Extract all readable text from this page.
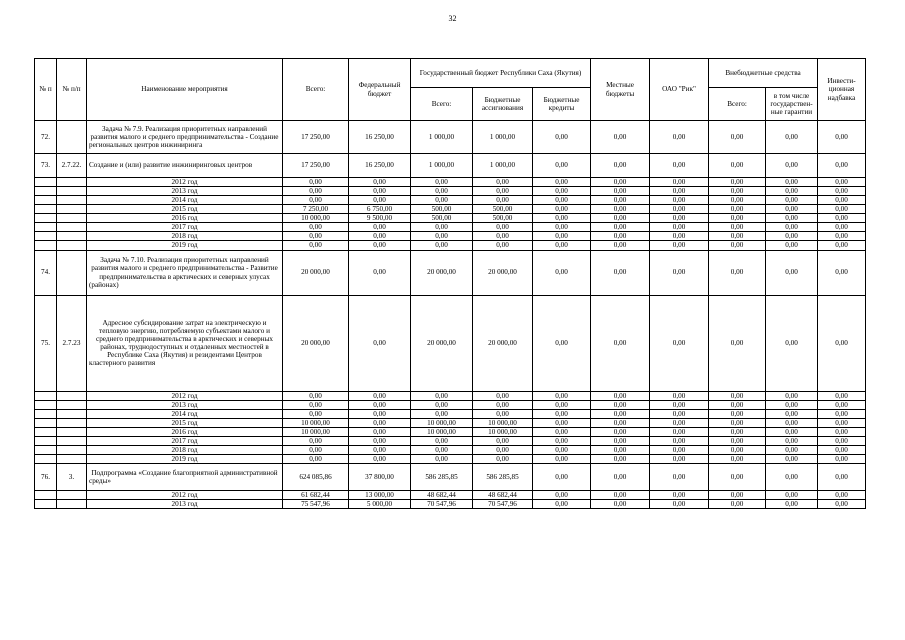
32
№ п	№ п/п	Наименование мероприятия	Всего:	Федеральный бюджет	Государственный бюджет Республики Саха (Якутия)			Местные бюджеты	ОАО "Рик"	Внебюджетные средства		Инвести-ционная надбавка
					Всего:	Бюджетные ассигнования	Бюджетные кредиты			Всего:	в том числе государствен-ные гарантии	
72.		Задача № 7.9. Реализация приоритетных направлений развития малого и среднего предпринимательства - Создание региональных центров инжиниринга	17 250,00	16 250,00	1 000,00	1 000,00	0,00	0,00	0,00	0,00	0,00	0,00
73.	2.7.22.	Создание и (или) развитие инжиниринговых центров	17 250,00	16 250,00	1 000,00	1 000,00	0,00	0,00	0,00	0,00	0,00	0,00
		2012 год	0,00	0,00	0,00	0,00	0,00	0,00	0,00	0,00	0,00	0,00
		2013 год	0,00	0,00	0,00	0,00	0,00	0,00	0,00	0,00	0,00	0,00
		2014 год	0,00	0,00	0,00	0,00	0,00	0,00	0,00	0,00	0,00	0,00
		2015 год	7 250,00	6 750,00	500,00	500,00	0,00	0,00	0,00	0,00	0,00	0,00
		2016 год	10 000,00	9 500,00	500,00	500,00	0,00	0,00	0,00	0,00	0,00	0,00
		2017 год	0,00	0,00	0,00	0,00	0,00	0,00	0,00	0,00	0,00	0,00
		2018 год	0,00	0,00	0,00	0,00	0,00	0,00	0,00	0,00	0,00	0,00
		2019 год	0,00	0,00	0,00	0,00	0,00	0,00	0,00	0,00	0,00	0,00
74.		Задача № 7.10. Реализация приоритетных направлений развития малого и среднего предпринимательства - Развитие предпринимательства в арктических и северных улусах (районах)	20 000,00	0,00	20 000,00	20 000,00	0,00	0,00	0,00	0,00	0,00	0,00
75.	2.7.23	Адресное субсидирование затрат на электрическую и тепловую энергию, потребляемую субъектами малого и среднего предпринимательства в арктических и северных районах, труднодоступных и отдаленных местностей в Республике Саха (Якутия) и резидентами Центров кластерного развития	20 000,00	0,00	20 000,00	20 000,00	0,00	0,00	0,00	0,00	0,00	0,00
		2012 год	0,00	0,00	0,00	0,00	0,00	0,00	0,00	0,00	0,00	0,00
		2013 год	0,00	0,00	0,00	0,00	0,00	0,00	0,00	0,00	0,00	0,00
		2014 год	0,00	0,00	0,00	0,00	0,00	0,00	0,00	0,00	0,00	0,00
		2015 год	10 000,00	0,00	10 000,00	10 000,00	0,00	0,00	0,00	0,00	0,00	0,00
		2016 год	10 000,00	0,00	10 000,00	10 000,00	0,00	0,00	0,00	0,00	0,00	0,00
		2017 год	0,00	0,00	0,00	0,00	0,00	0,00	0,00	0,00	0,00	0,00
		2018 год	0,00	0,00	0,00	0,00	0,00	0,00	0,00	0,00	0,00	0,00
		2019 год	0,00	0,00	0,00	0,00	0,00	0,00	0,00	0,00	0,00	0,00
76.	3.	Подпрограмма «Создание благоприятной административной среды»	624 085,86	37 800,00	586 285,85	586 285,85	0,00	0,00	0,00	0,00	0,00	0,00
		2012 год	61 682,44	13 000,00	48 682,44	48 682,44	0,00	0,00	0,00	0,00	0,00	0,00
		2013 год	75 547,96	5 000,00	70 547,96	70 547,96	0,00	0,00	0,00	0,00	0,00	0,00
